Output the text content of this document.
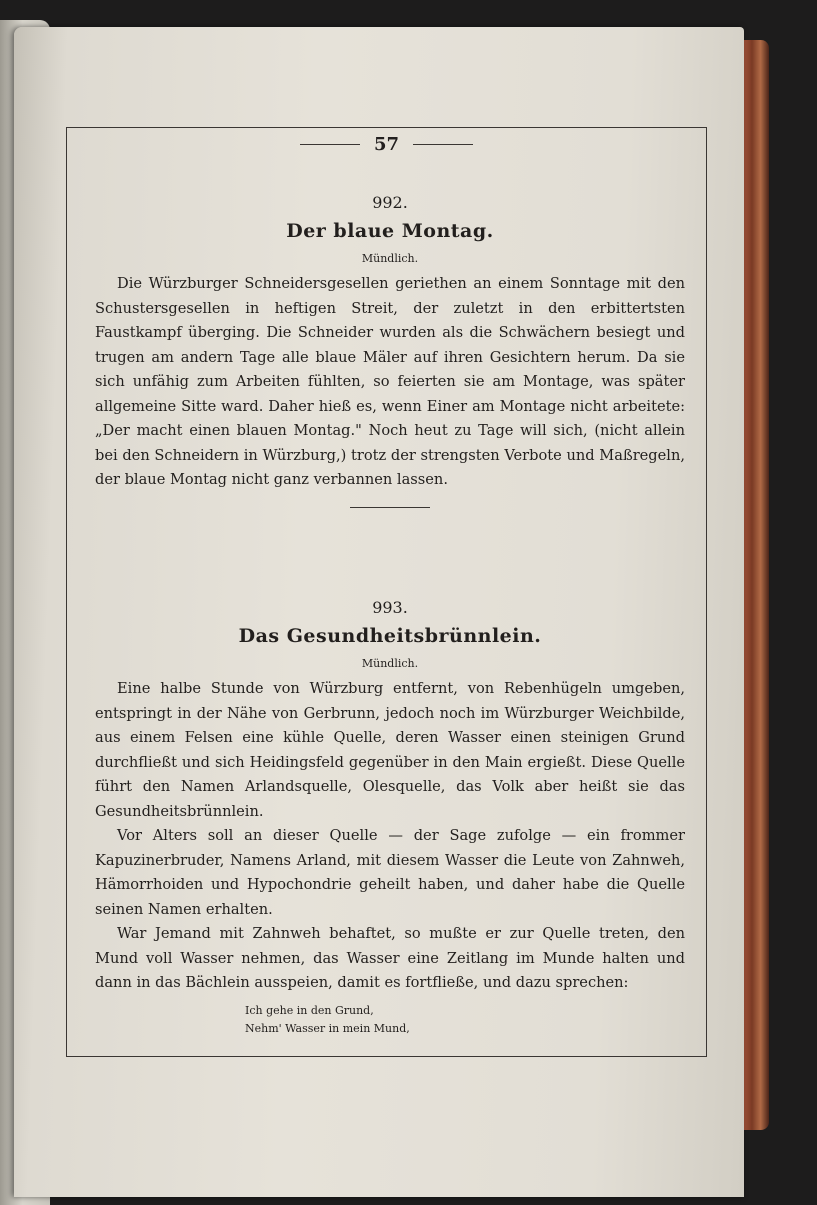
57
992.
Der blaue Montag.
Mündlich.

Die Würzburger Schneidersgesellen geriethen an einem Sonntage mit den Schustersgesellen in heftigen Streit, der zuletzt in den erbittertsten Faustkampf überging. Die Schneider wurden als die Schwächern besiegt und trugen am andern Tage alle blaue Mäler auf ihren Gesichtern herum. Da sie sich unfähig zum Arbeiten fühlten, so feierten sie am Montage, was später allgemeine Sitte ward. Daher hieß es, wenn Einer am Montage nicht arbeitete: „Der macht einen blauen Montag." Noch heut zu Tage will sich, (nicht allein bei den Schneidern in Würzburg,) trotz der strengsten Verbote und Maßregeln, der blaue Montag nicht ganz verbannen lassen.

993.
Das Gesundheitsbrünnlein.
Mündlich.

Eine halbe Stunde von Würzburg entfernt, von Rebenhügeln umgeben, entspringt in der Nähe von Gerbrunn, jedoch noch im Würzburger Weichbilde, aus einem Felsen eine kühle Quelle, deren Wasser einen steinigen Grund durchfließt und sich Heidingsfeld gegenüber in den Main ergießt. Diese Quelle führt den Namen Arlandsquelle, Olesquelle, das Volk aber heißt sie das Gesundheitsbrünnlein.

Vor Alters soll an dieser Quelle — der Sage zufolge — ein frommer Kapuzinerbruder, Namens Arland, mit diesem Wasser die Leute von Zahnweh, Hämorrhoiden und Hypochondrie geheilt haben, und daher habe die Quelle seinen Namen erhalten.

War Jemand mit Zahnweh behaftet, so mußte er zur Quelle treten, den Mund voll Wasser nehmen, das Wasser eine Zeitlang im Munde halten und dann in das Bächlein ausspeien, damit es fortfließe, und dazu sprechen:

Ich gehe in den Grund,
Nehm' Wasser in mein Mund,
